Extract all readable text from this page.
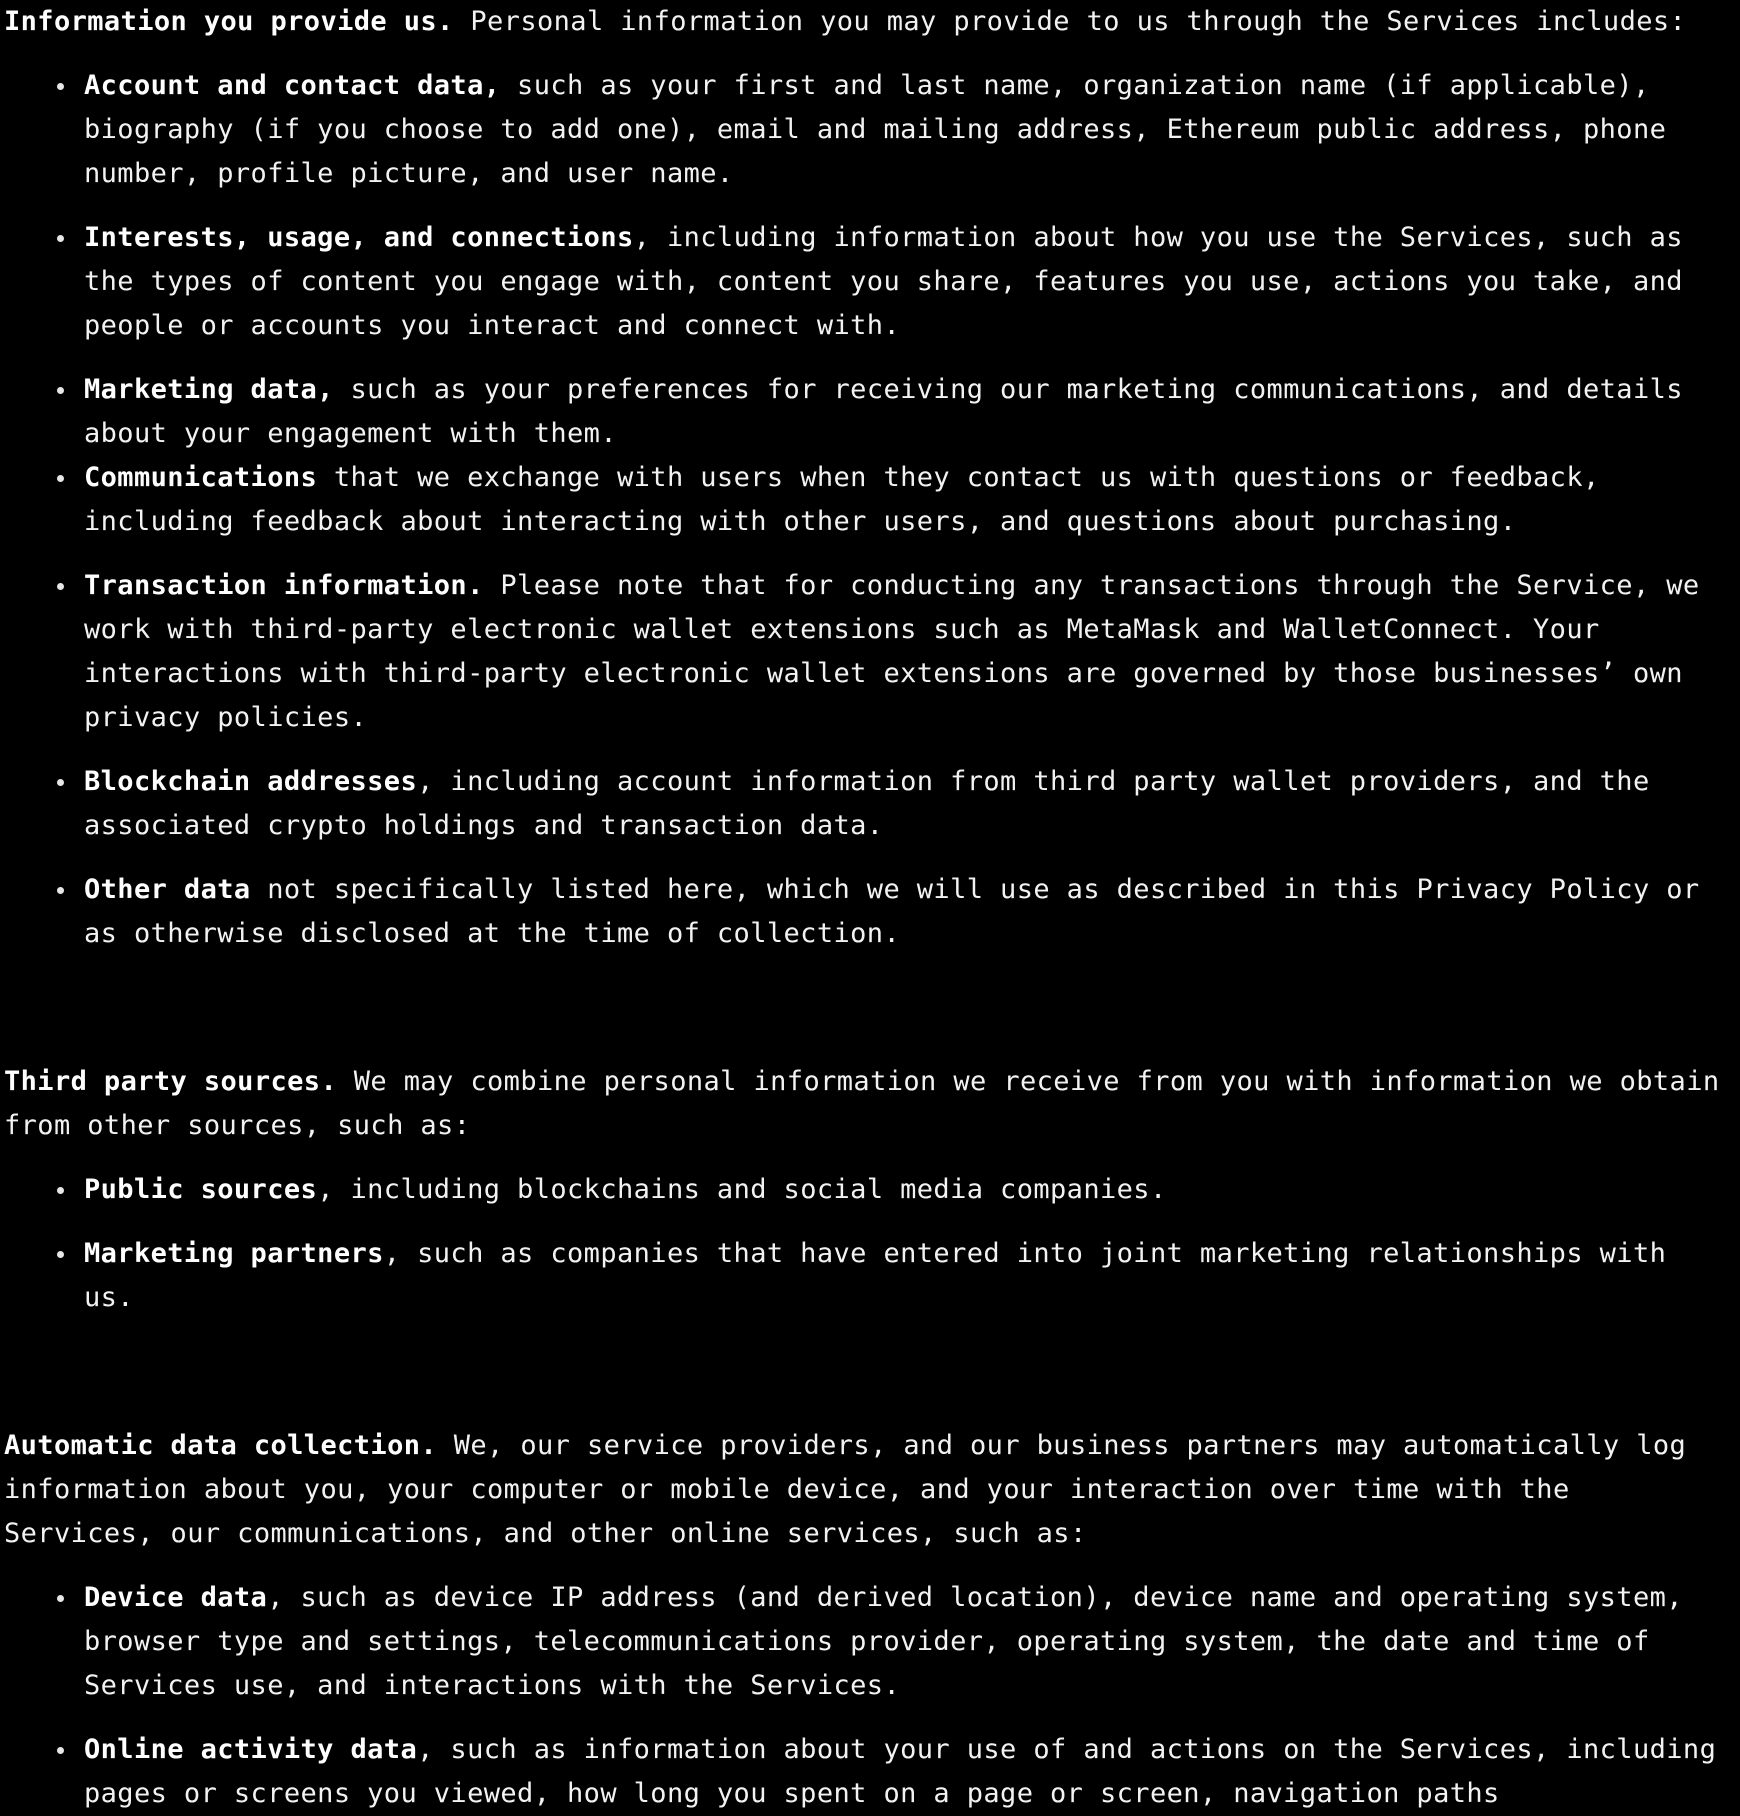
Information you provide us. Personal information you may provide to us through the Services includes:

Account and contact data, such as your first and last name, organization name (if applicable), biography (if you choose to add one), email and mailing address, Ethereum public address, phone number, profile picture, and user name.
Interests, usage, and connections, including information about how you use the Services, such as the types of content you engage with, content you share, features you use, actions you take, and people or accounts you interact and connect with.
Marketing data, such as your preferences for receiving our marketing communications, and details about your engagement with them.
Communications that we exchange with users when they contact us with questions or feedback, including feedback about interacting with other users, and questions about purchasing.
Transaction information. Please note that for conducting any transactions through the Service, we work with third-party electronic wallet extensions such as MetaMask and WalletConnect. Your interactions with third-party electronic wallet extensions are governed by those businesses’ own privacy policies.
Blockchain addresses, including account information from third party wallet providers, and the associated crypto holdings and transaction data.
Other data not specifically listed here, which we will use as described in this Privacy Policy or as otherwise disclosed at the time of collection.

Third party sources. We may combine personal information we receive from you with information we obtain from other sources, such as:

Public sources, including blockchains and social media companies.
Marketing partners, such as companies that have entered into joint marketing relationships with us.

Automatic data collection. We, our service providers, and our business partners may automatically log information about you, your computer or mobile device, and your interaction over time with the Services, our communications, and other online services, such as:

Device data, such as device IP address (and derived location), device name and operating system, browser type and settings, telecommunications provider, operating system, the date and time of Services use, and interactions with the Services.
Online activity data, such as information about your use of and actions on the Services, including pages or screens you viewed, how long you spent on a page or screen, navigation paths
